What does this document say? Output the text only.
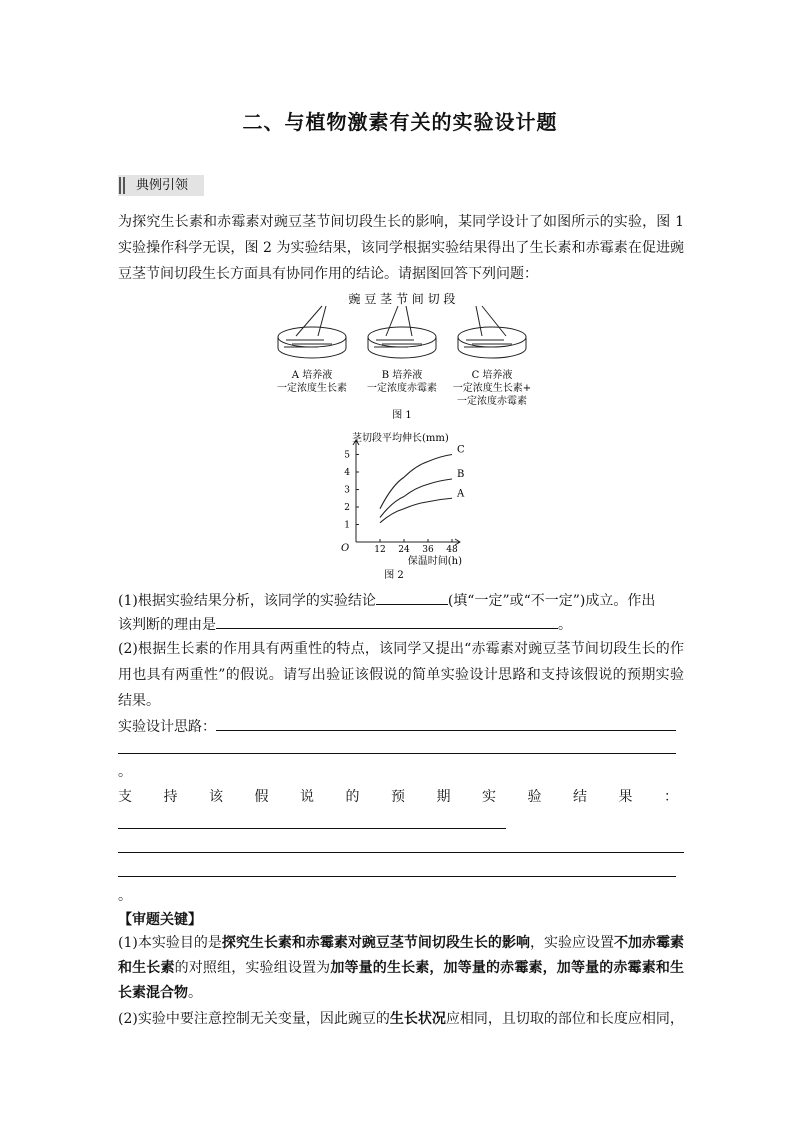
二、与植物激素有关的实验设计题
典例引领
为探究生长素和赤霉素对豌豆茎节间切段生长的影响，某同学设计了如图所示的实验，图 1 实验操作科学无误，图 2 为实验结果，该同学根据实验结果得出了生长素和赤霉素在促进豌豆茎节间切段生长方面具有协同作用的结论。请据图回答下列问题：
豌 豆 茎 节 间 切 段
A 培养液
一定浓度生长素
B 培养液
一定浓度赤霉素
C 培养液
一定浓度生长素+
一定浓度赤霉素
图 1
12 24 36 48
1
2
3
4
5	C
B
A
茎切段平均伸长(mm)
保温时间(h)
O
图 2
(1)根据实验结果分析，该同学的实验结论	(填“一定”或“不一定”)成立。作出
该判断的理由是	。
(2)根据生长素的作用具有两重性的特点，该同学又提出“赤霉素对豌豆茎节间切段生长的作用也具有两重性”的假说。请写出验证该假说的简单实验设计思路和支持该假说的预期实验结果。
实验设计思路：
。
支 持 该 假 说 的 预 期 实 验 结 果 ：
。
【审题关键】
(1)本实验目的是探究生长素和赤霉素对豌豆茎节间切段生长的影响，实验应设置不加赤霉素和生长素的对照组，实验组设置为加等量的生长素，加等量的赤霉素，加等量的赤霉素和生长素混合物。
(2)实验中要注意控制无关变量，因此豌豆的生长状况应相同，且切取的部位和长度应相同，
